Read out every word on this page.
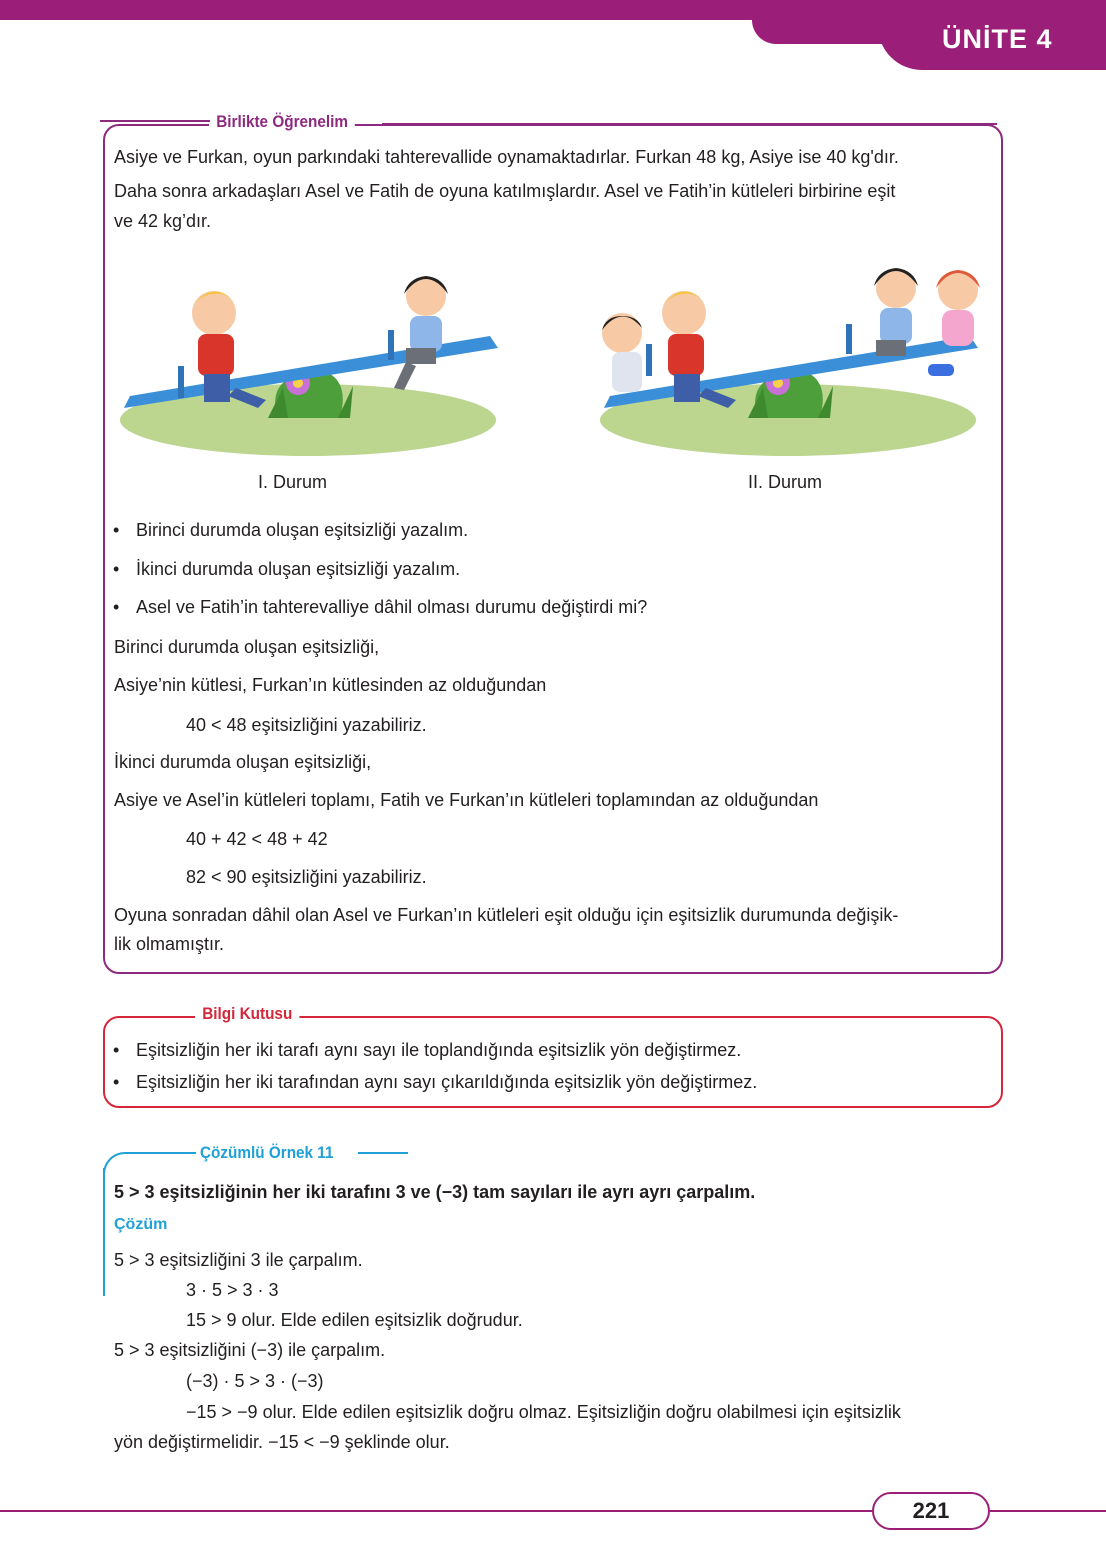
ÜNİTE 4
Birlikte Öğrenelim
Asiye ve Furkan, oyun parkındaki tahterevallide oynamaktadırlar. Furkan 48 kg, Asiye ise 40 kg'dır.
Daha sonra arkadaşları Asel ve Fatih de oyuna katılmışlardır. Asel ve Fatih’in kütleleri birbirine eşit
ve 42 kg’dır.
I. Durum	II. Durum
Birinci durumda oluşan eşitsizliği yazalım.
İkinci durumda oluşan eşitsizliği yazalım.
Asel ve Fatih’in tahterevalliye dâhil olması durumu değiştirdi mi?
Birinci durumda oluşan eşitsizliği,
Asiye’nin kütlesi, Furkan’ın kütlesinden az olduğundan
40 < 48 eşitsizliğini yazabiliriz.
İkinci durumda oluşan eşitsizliği,
Asiye ve Asel’in kütleleri toplamı, Fatih ve Furkan’ın kütleleri toplamından az olduğundan
40 + 42 < 48 + 42
82 < 90 eşitsizliğini yazabiliriz.
Oyuna sonradan dâhil olan Asel ve Furkan’ın kütleleri eşit olduğu için eşitsizlik durumunda değişik-
lik olmamıştır.
Bilgi Kutusu
Eşitsizliğin her iki tarafı aynı sayı ile toplandığında eşitsizlik yön değiştirmez.
Eşitsizliğin her iki tarafından aynı sayı çıkarıldığında eşitsizlik yön değiştirmez.
Çözümlü Örnek 11
5 > 3 eşitsizliğinin her iki tarafını 3 ve (−3) tam sayıları ile ayrı ayrı çarpalım.
Çözüm
5 > 3 eşitsizliğini 3 ile çarpalım.
3 · 5 > 3 · 3
15 > 9 olur. Elde edilen eşitsizlik doğrudur.
5 > 3 eşitsizliğini (−3) ile çarpalım.
(−3) · 5 > 3 · (−3)
−15 > −9 olur. Elde edilen eşitsizlik doğru olmaz. Eşitsizliğin doğru olabilmesi için eşitsizlik
yön değiştirmelidir. −15 < −9 şeklinde olur.
221
